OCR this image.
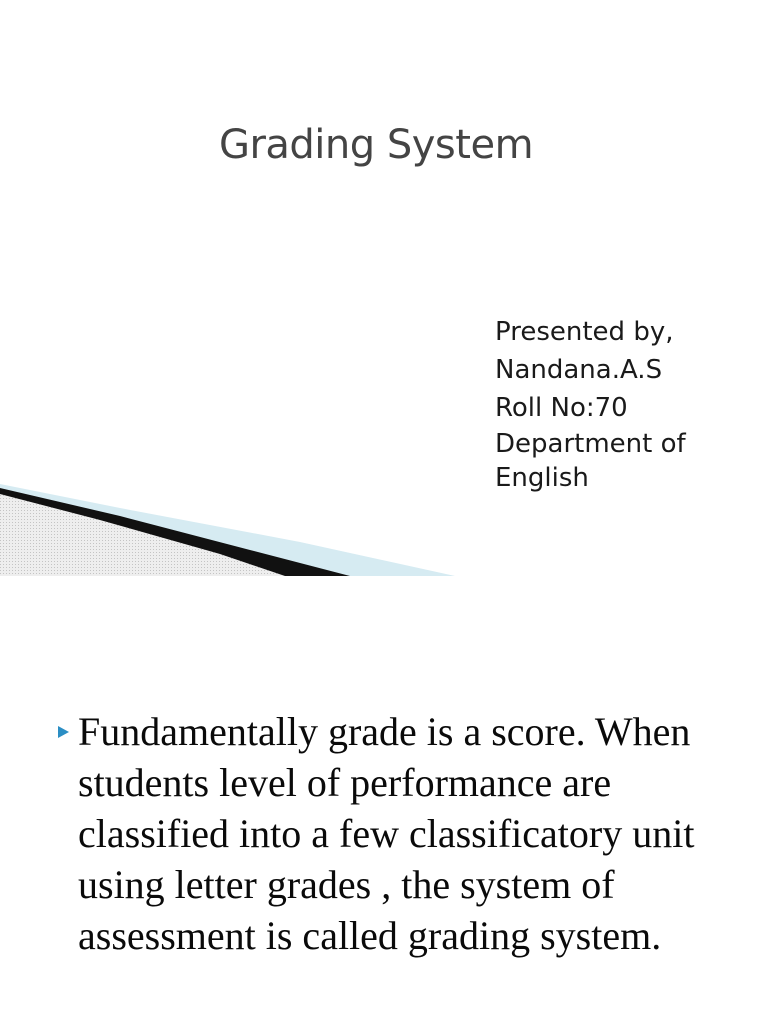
Grading System
Presented by,
Nandana.A.S
Roll No:70
Department of
English

Fundamentally grade is a score. When students level of performance are classified into a few classificatory unit using letter grades , the system of assessment is called grading system.
